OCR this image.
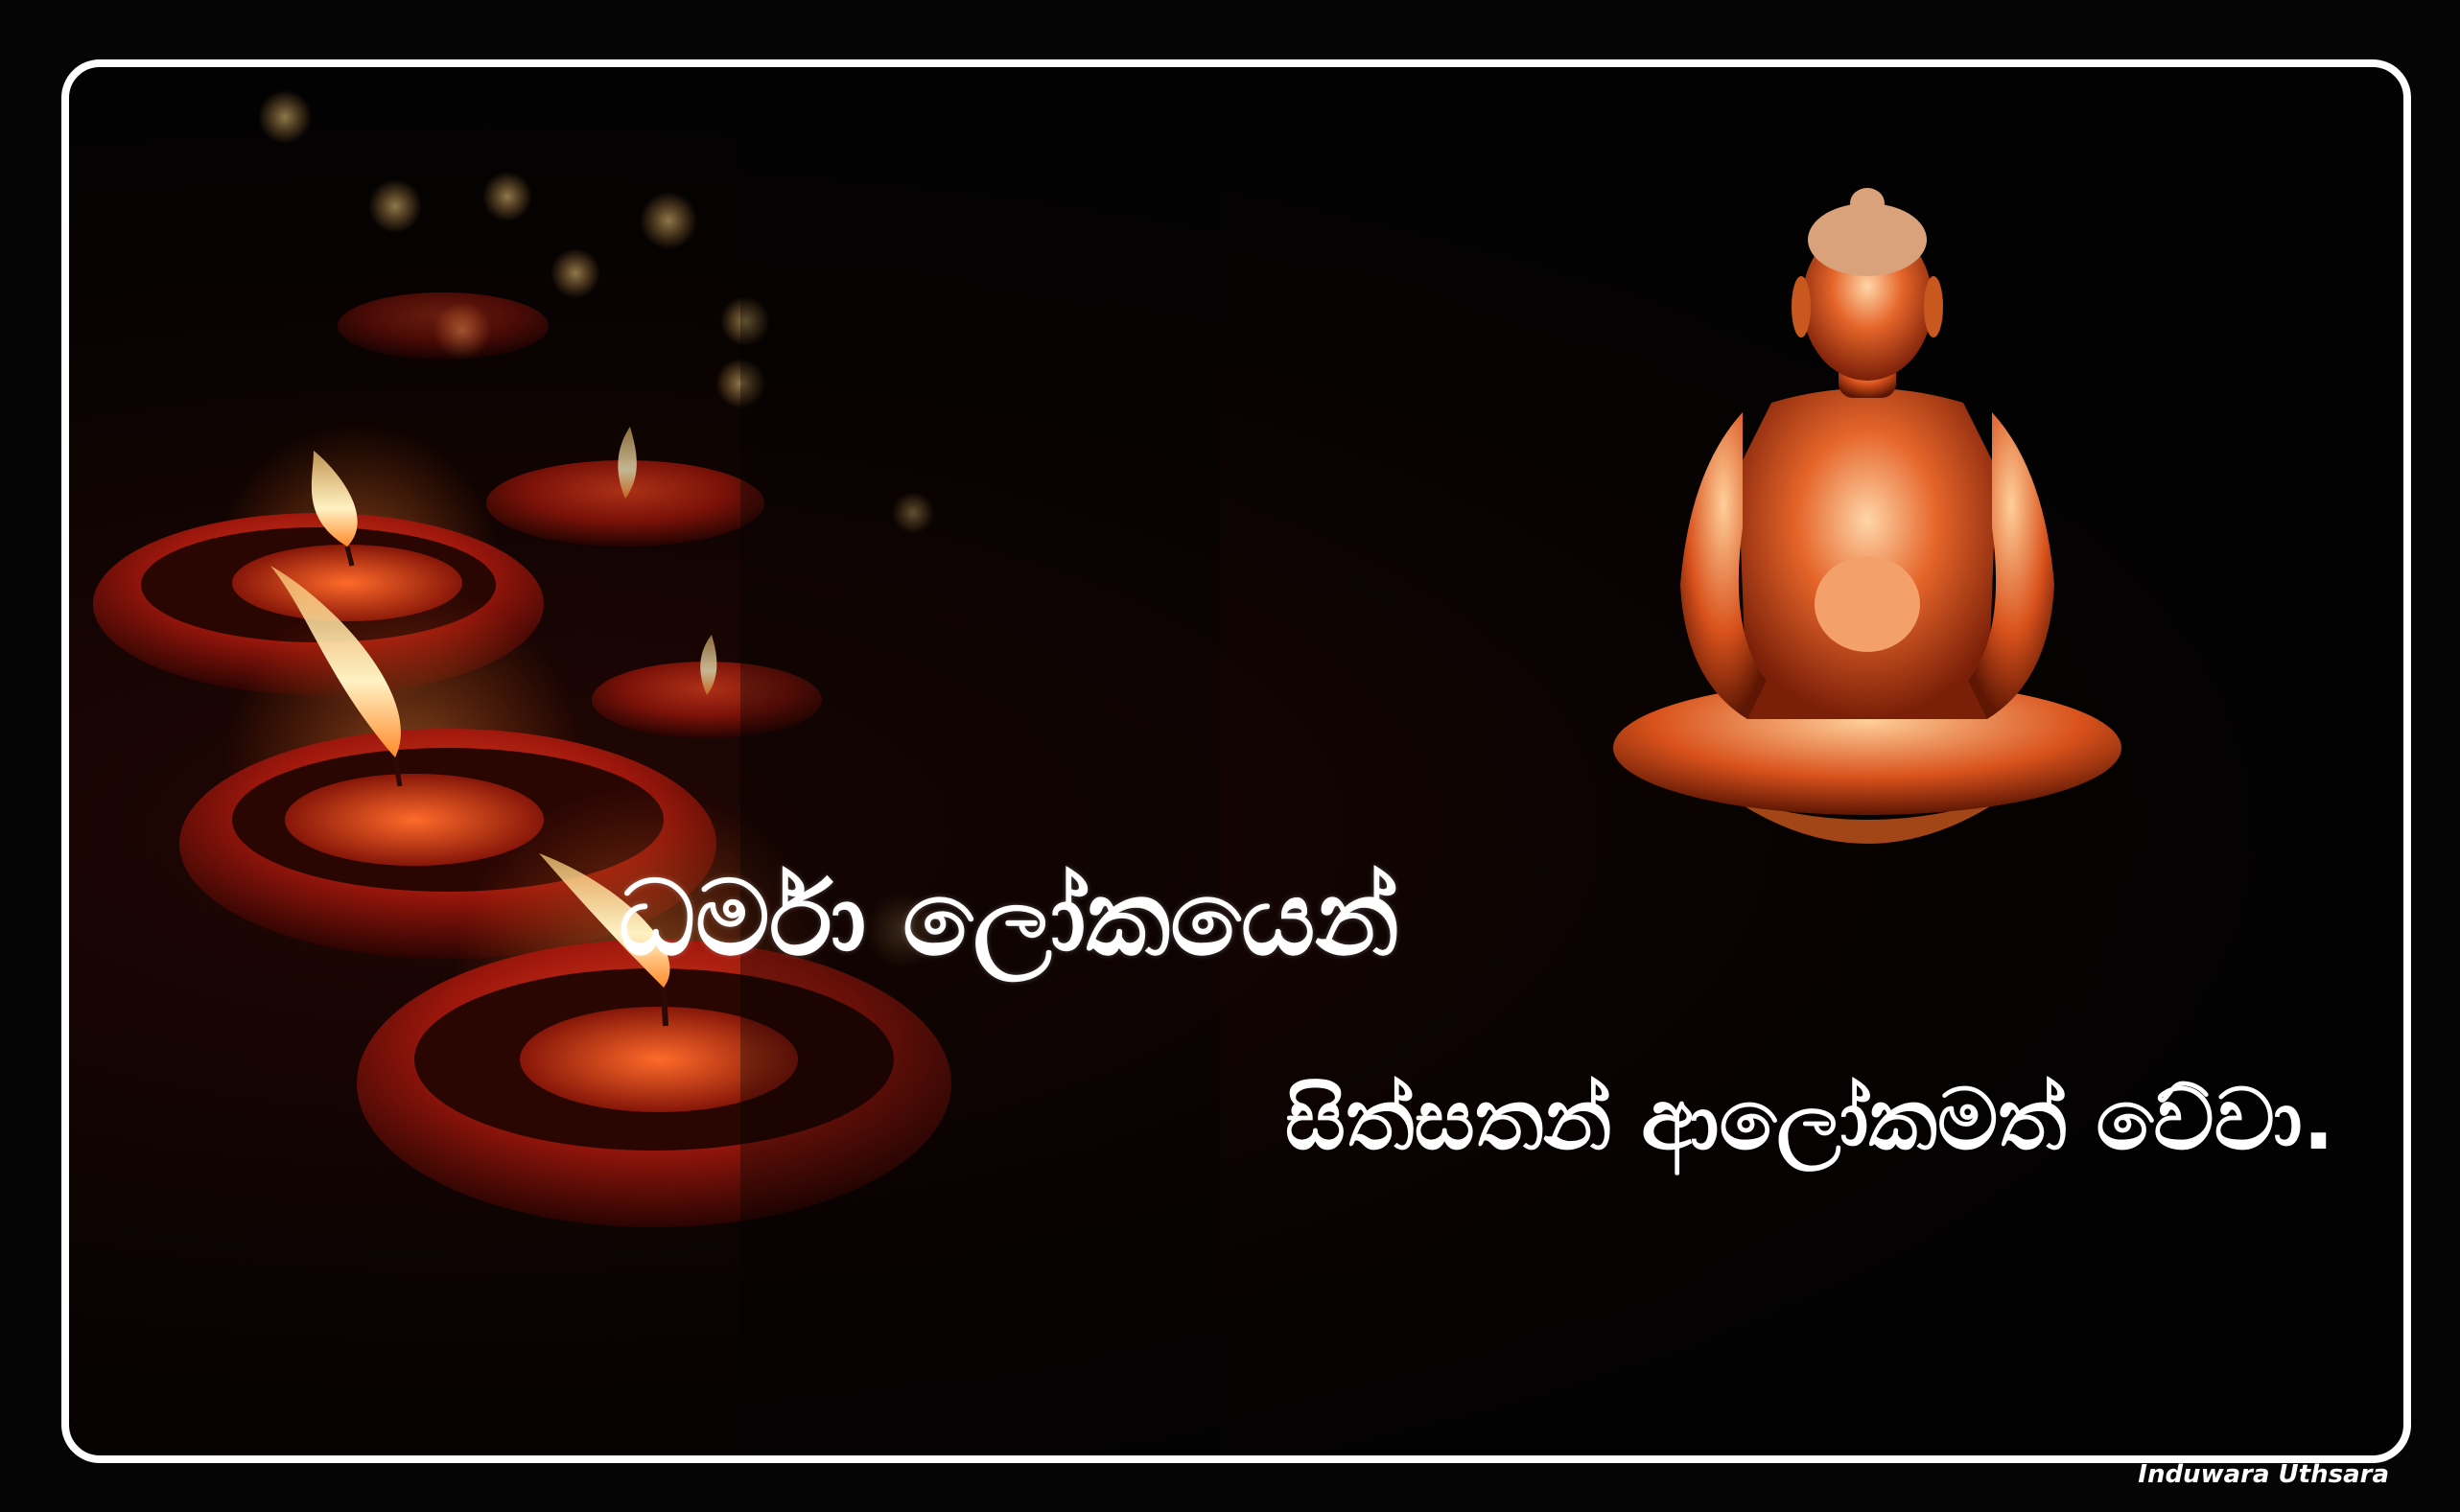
ධර්මා ලෝකයෙන්
සිත්සතන් ආලෝකමත් වේවා.

Induwara Uthsara
